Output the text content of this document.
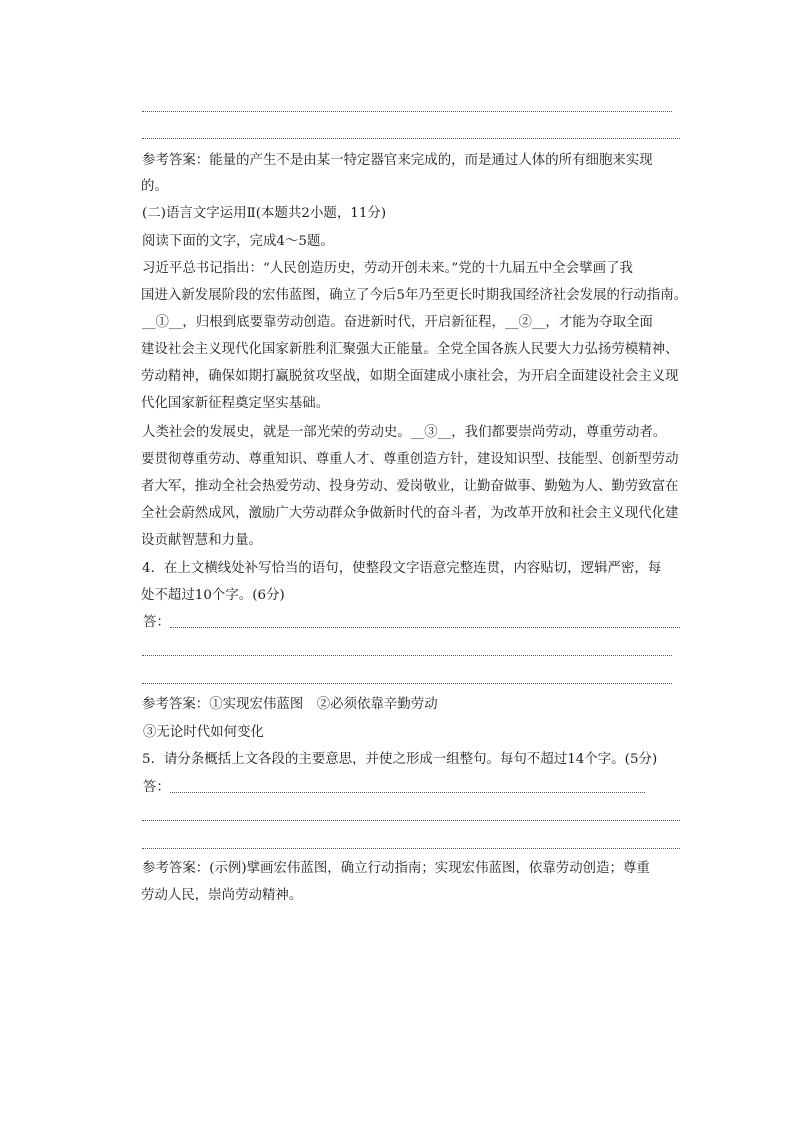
参考答案：能量的产生不是由某一特定器官来完成的，而是通过人体的所有细胞来实现
的。
(二)语言文字运用Ⅱ(本题共2小题，11分)
阅读下面的文字，完成4～5题。
习近平总书记指出：“人民创造历史，劳动开创未来。”党的十九届五中全会擘画了我
国进入新发展阶段的宏伟蓝图，确立了今后5年乃至更长时期我国经济社会发展的行动指南。
__①__，归根到底要靠劳动创造。奋进新时代，开启新征程，__②__，才能为夺取全面
建设社会主义现代化国家新胜利汇聚强大正能量。全党全国各族人民要大力弘扬劳模精神、
劳动精神，确保如期打赢脱贫攻坚战，如期全面建成小康社会，为开启全面建设社会主义现
代化国家新征程奠定坚实基础。
人类社会的发展史，就是一部光荣的劳动史。__③__，我们都要崇尚劳动，尊重劳动者。
要贯彻尊重劳动、尊重知识、尊重人才、尊重创造方针，建设知识型、技能型、创新型劳动
者大军，推动全社会热爱劳动、投身劳动、爱岗敬业，让勤奋做事、勤勉为人、勤劳致富在
全社会蔚然成风，激励广大劳动群众争做新时代的奋斗者，为改革开放和社会主义现代化建
设贡献智慧和力量。
4．在上文横线处补写恰当的语句，使整段文字语意完整连贯，内容贴切，逻辑严密，每
处不超过10个字。(6分)
答：
参考答案：①实现宏伟蓝图　②必须依靠辛勤劳动
③无论时代如何变化
5．请分条概括上文各段的主要意思，并使之形成一组整句。每句不超过14个字。(5分)
答：
参考答案：(示例)擘画宏伟蓝图，确立行动指南；实现宏伟蓝图，依靠劳动创造；尊重
劳动人民，崇尚劳动精神。
